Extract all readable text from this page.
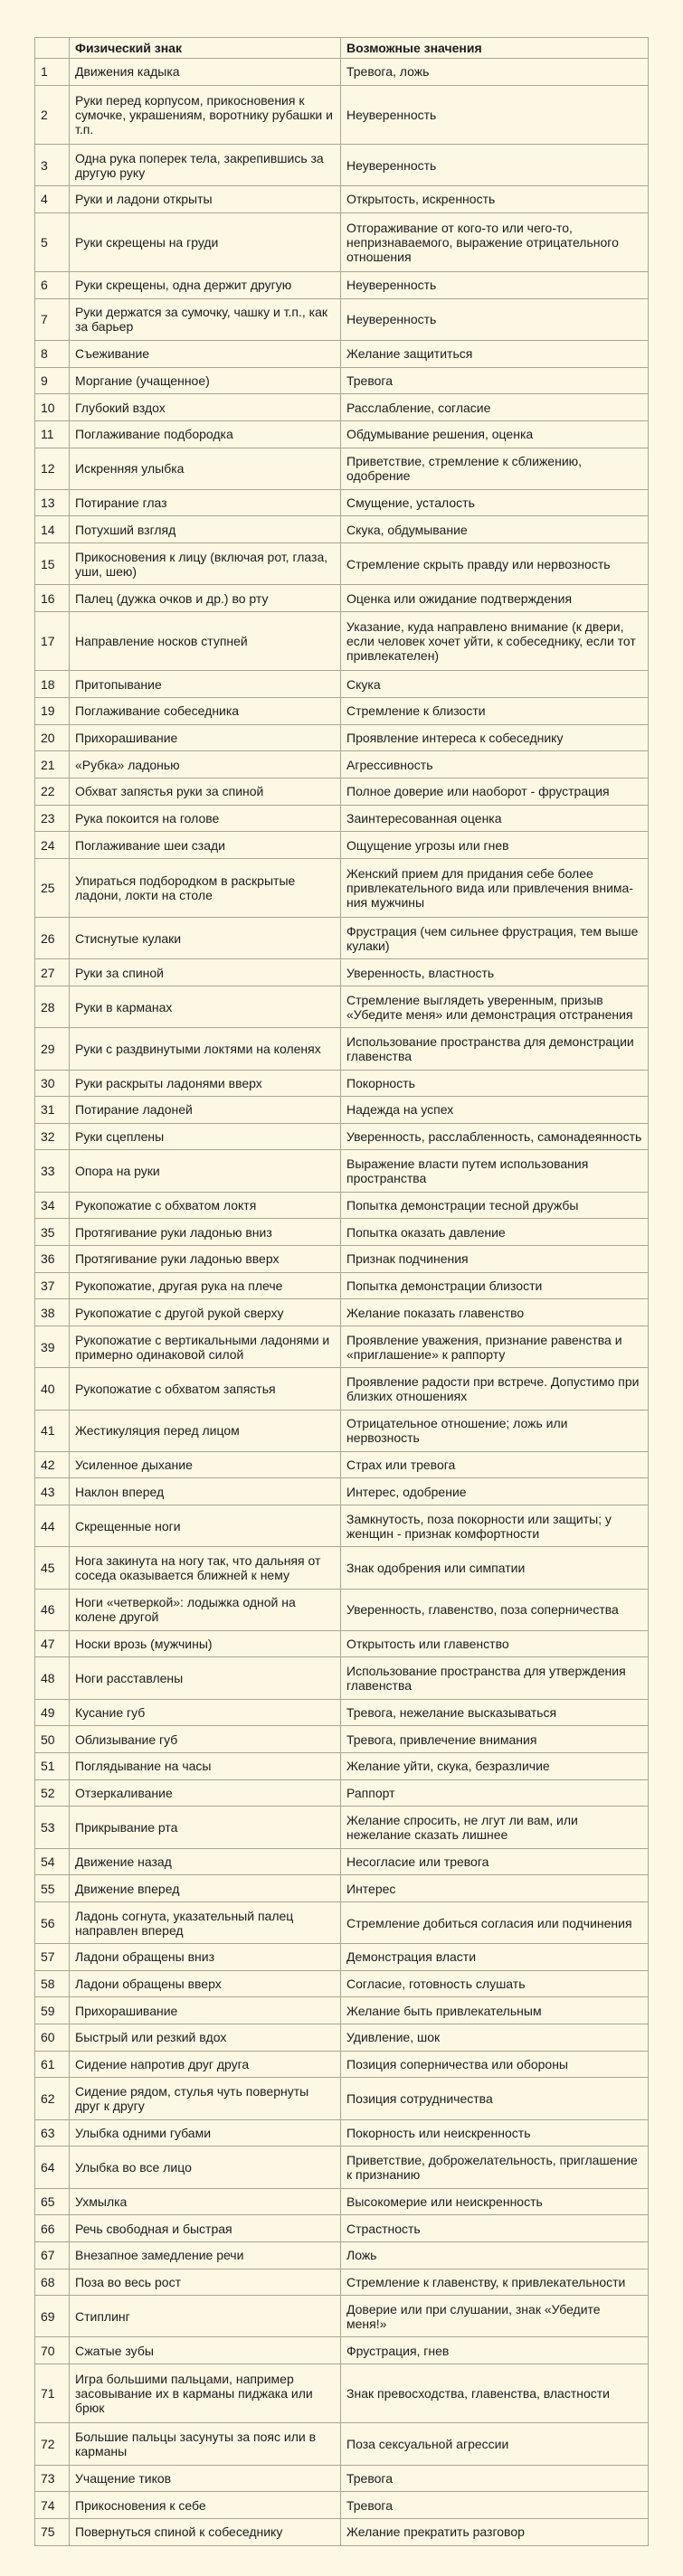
	Физический знак	Возможные значения
1	Движения кадыка	Тревога, ложь
2	Руки перед корпусом, прикосновения к сумочке, украшениям, воротнику рубашки и т.п.	Неуверенность
3	Одна рука поперек тела, закрепившись за другую руку	Неуверенность
4	Руки и ладони открыты	Открытость, искренность
5	Руки скрещены на груди	Отгораживание от кого-то или чего-то, непризнаваемого, выражение отрицательного отношения
6	Руки скрещены, одна держит другую	Неуверенность
7	Руки держатся за сумочку, чашку и т.п., как за барьер	Неуверенность
8	Съеживание	Желание защититься
9	Моргание (учащенное)	Тревога
10	Глубокий вздох	Расслабление, согласие
11	Поглаживание подбородка	Обдумывание решения, оценка
12	Искренняя улыбка	Приветствие, стремление к сближению, одобрение
13	Потирание глаз	Смущение, усталость
14	Потухший взгляд	Скука, обдумывание
15	Прикосновения к лицу (включая рот, глаза, уши, шею)	Стремление скрыть правду или нервозность
16	Палец (дужка очков и др.) во рту	Оценка или ожидание подтверждения
17	Направление носков ступней	Указание, куда направлено внимание (к двери, если человек хочет уйти, к собеседнику, если тот привлекателен)
18	Притопывание	Скука
19	Поглаживание собеседника	Стремление к близости
20	Прихорашивание	Проявление интереса к собеседнику
21	«Рубка» ладонью	Агрессивность
22	Обхват запястья руки за спиной	Полное доверие или наоборот - фрустрация
23	Рука покоится на голове	Заинтересованная оценка
24	Поглаживание шеи сзади	Ощущение угрозы или гнев
25	Упираться подбородком в раскрытые ладони, локти на столе	Женский прием для придания себе более привлекательного вида или привлечения внима-ния мужчины
26	Стиснутые кулаки	Фрустрация (чем сильнее фрустрация, тем выше кулаки)
27	Руки за спиной	Уверенность, властность
28	Руки в карманах	Стремление выглядеть уверенным, призыв «Убедите меня» или демонстрация отстранения
29	Руки с раздвинутыми локтями на коленях	Использование пространства для демонстрации главенства
30	Руки раскрыты ладонями вверх	Покорность
31	Потирание ладоней	Надежда на успех
32	Руки сцеплены	Уверенность, расслабленность, самонадеянность
33	Опора на руки	Выражение власти путем использования пространства
34	Рукопожатие с обхватом локтя	Попытка демонстрации тесной дружбы
35	Протягивание руки ладонью вниз	Попытка оказать давление
36	Протягивание руки ладонью вверх	Признак подчинения
37	Рукопожатие, другая рука на плече	Попытка демонстрации близости
38	Рукопожатие с другой рукой сверху	Желание показать главенство
39	Рукопожатие с вертикальными ладонями и примерно одинаковой силой	Проявление уважения, признание равенства и «приглашение» к раппорту
40	Рукопожатие с обхватом запястья	Проявление радости при встрече. Допустимо при близких отношениях
41	Жестикуляция перед лицом	Отрицательное отношение; ложь или нервозность
42	Усиленное дыхание	Страх или тревога
43	Наклон вперед	Интерес, одобрение
44	Скрещенные ноги	Замкнутость, поза покорности или защиты; у женщин - признак комфортности
45	Нога закинута на ногу так, что дальняя от соседа оказывается ближней к нему	Знак одобрения или симпатии
46	Ноги «четверкой»: лодыжка одной на колене другой	Уверенность, главенство, поза соперничества
47	Носки врозь (мужчины)	Открытость или главенство
48	Ноги расставлены	Использование пространства для утверждения главенства
49	Кусание губ	Тревога, нежелание высказываться
50	Облизывание губ	Тревога, привлечение внимания
51	Поглядывание на часы	Желание уйти, скука, безразличие
52	Отзеркаливание	Раппорт
53	Прикрывание рта	Желание спросить, не лгут ли вам, или нежелание сказать лишнее
54	Движение назад	Несогласие или тревога
55	Движение вперед	Интерес
56	Ладонь согнута, указательный палец направлен вперед	Стремление добиться согласия или подчинения
57	Ладони обращены вниз	Демонстрация власти
58	Ладони обращены вверх	Согласие, готовность слушать
59	Прихорашивание	Желание быть привлекательным
60	Быстрый или резкий вдох	Удивление, шок
61	Сидение напротив друг друга	Позиция соперничества или обороны
62	Сидение рядом, стулья чуть повернуты друг к другу	Позиция сотрудничества
63	Улыбка одними губами	Покорность или неискренность
64	Улыбка во все лицо	Приветствие, доброжелательность, приглашение к признанию
65	Ухмылка	Высокомерие или неискренность
66	Речь свободная и быстрая	Страстность
67	Внезапное замедление речи	Ложь
68	Поза во весь рост	Стремление к главенству, к привлекательности
69	Стиплинг	Доверие или при слушании, знак «Убедите меня!»
70	Сжатые зубы	Фрустрация, гнев
71	Игра большими пальцами, например засовывание их в карманы пиджака или брюк	Знак превосходства, главенства, властности
72	Большие пальцы засунуты за пояс или в карманы	Поза сексуальной агрессии
73	Учащение тиков	Тревога
74	Прикосновения к себе	Тревога
75	Повернуться спиной к собеседнику	Желание прекратить разговор
